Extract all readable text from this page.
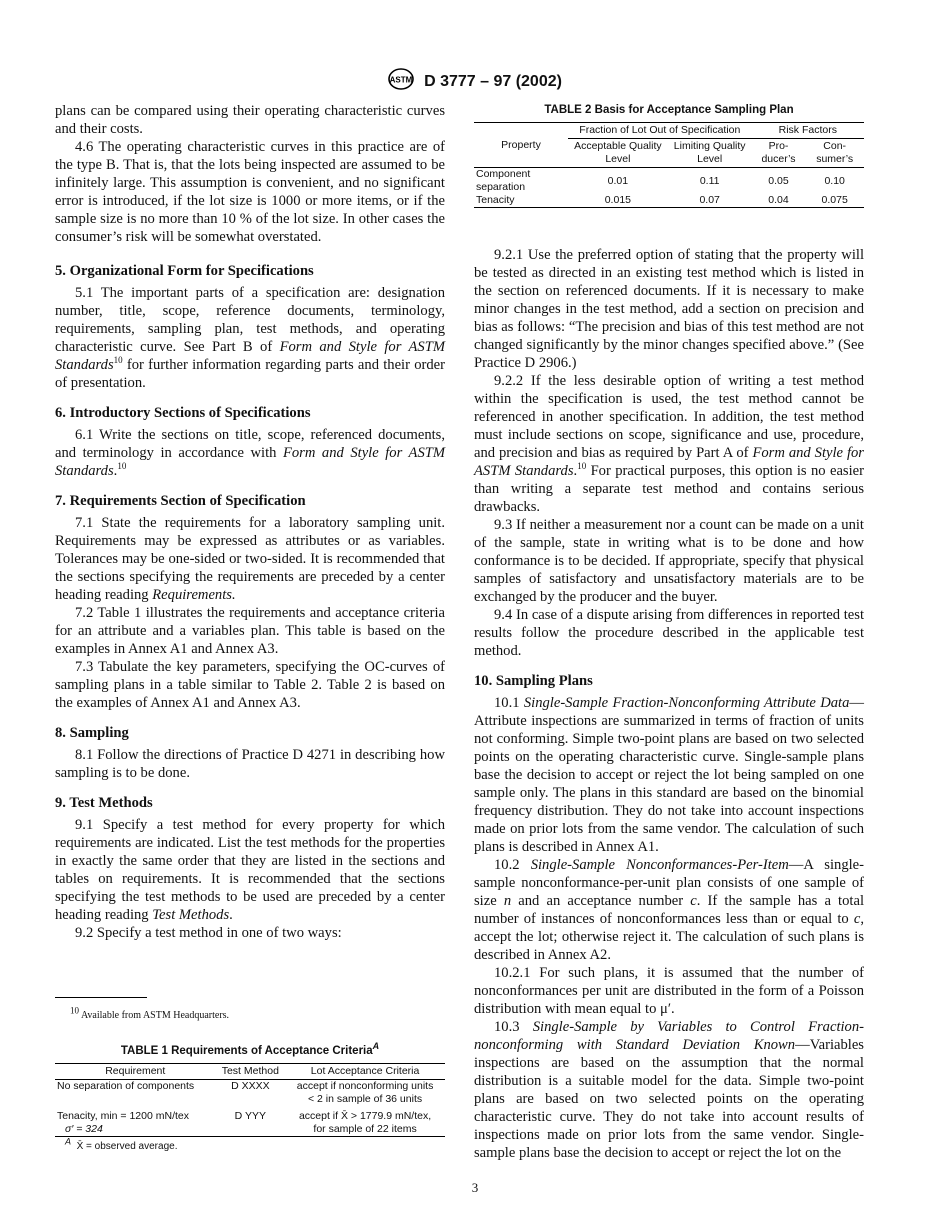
ASTM D 3777 – 97 (2002)

plans can be compared using their operating characteristic curves and their costs.

4.6 The operating characteristic curves in this practice are of the type B. That is, that the lots being inspected are assumed to be infinitely large. This assumption is convenient, and no significant error is introduced, if the lot size is 1000 or more items, or if the sample size is no more than 10 % of the lot size. In other cases the consumer’s risk will be somewhat overstated.

5. Organizational Form for Specifications

5.1 The important parts of a specification are: designation number, title, scope, reference documents, terminology, requirements, sampling plan, test methods, and operating characteristic curve. See Part B of Form and Style for ASTM Standards$^{10}$ for further information regarding parts and their order of presentation.

6. Introductory Sections of Specifications

6.1 Write the sections on title, scope, referenced documents, and terminology in accordance with Form and Style for ASTM Standards.$^{10}$

7. Requirements Section of Specification

7.1 State the requirements for a laboratory sampling unit. Requirements may be expressed as attributes or as variables. Tolerances may be one-sided or two-sided. It is recommended that the sections specifying the requirements are preceded by a center heading reading Requirements.

7.2 Table 1 illustrates the requirements and acceptance criteria for an attribute and a variables plan. This table is based on the examples in Annex A1 and Annex A3.

7.3 Tabulate the key parameters, specifying the OC-curves of sampling plans in a table similar to Table 2. Table 2 is based on the examples of Annex A1 and Annex A3.

8. Sampling

8.1 Follow the directions of Practice D 4271 in describing how sampling is to be done.

9. Test Methods

9.1 Specify a test method for every property for which requirements are indicated. List the test methods for the properties in exactly the same order that they are listed in the sections and tables on requirements. It is recommended that the sections specifying the test methods to be used are preceded by a center heading reading Test Methods.

9.2 Specify a test method in one of two ways:

$^{10}$ Available from ASTM Headquarters.
TABLE 1 Requirements of Acceptance Criteria$^A$
Requirement	Test Method	Lot Acceptance Criteria
No separation of components	D XXXX	accept if nonconforming units
< 2 in sample of 36 units
Tenacity, min = 1200 mN/tex
σ′ = 324	D YYY	accept if X̄ > 1779.9 mN/tex,
for sample of 22 items
$^A$ X̄ = observed average.
TABLE 2 Basis for Acceptance Sampling Plan
Property	Fraction of Lot Out of Specification		Risk Factors	
	Acceptable Quality Level	Limiting Quality Level	Pro- ducer’s	Con- sumer’s
Component separation	0.01	0.11	0.05	0.10
Tenacity	0.015	0.07	0.04	0.075

9.2.1 Use the preferred option of stating that the property will be tested as directed in an existing test method which is listed in the section on referenced documents. If it is necessary to make minor changes in the test method, add a section on precision and bias as follows: “The precision and bias of this test method are not changed significantly by the minor changes specified above.” (See Practice D 2906.)

9.2.2 If the less desirable option of writing a test method within the specification is used, the test method cannot be referenced in another specification. In addition, the test method must include sections on scope, significance and use, procedure, and precision and bias as required by Part A of Form and Style for ASTM Standards.$^{10}$ For practical purposes, this option is no easier than writing a separate test method and contains serious drawbacks.

9.3 If neither a measurement nor a count can be made on a unit of the sample, state in writing what is to be done and how conformance is to be decided. If appropriate, specify that physical samples of satisfactory and unsatisfactory materials are to be exchanged by the producer and the buyer.

9.4 In case of a dispute arising from differences in reported test results follow the procedure described in the applicable test method.

10. Sampling Plans

10.1 Single-Sample Fraction-Nonconforming Attribute Data—Attribute inspections are summarized in terms of fraction of units not conforming. Simple two-point plans are based on two selected points on the operating characteristic curve. Single-sample plans base the decision to accept or reject the lot being sampled on one sample only. The plans in this standard are based on the binomial frequency distribution. They do not take into account inspections made on prior lots from the same vendor. The calculation of such plans is described in Annex A1.

10.2 Single-Sample Nonconformances-Per-Item—A single-sample nonconformance-per-unit plan consists of one sample of size n and an acceptance number c. If the sample has a total number of instances of nonconformances less than or equal to c, accept the lot; otherwise reject it. The calculation of such plans is described in Annex A2.

10.2.1 For such plans, it is assumed that the number of nonconformances per unit are distributed in the form of a Poisson distribution with mean equal to μ′.

10.3 Single-Sample by Variables to Control Fraction-nonconforming with Standard Deviation Known—Variables inspections are based on the assumption that the normal distribution is a suitable model for the data. Simple two-point plans are based on two selected points on the operating characteristic curve. They do not take into account results of inspections made on prior lots from the same vendor. Single-sample plans base the decision to accept or reject the lot on the

3
